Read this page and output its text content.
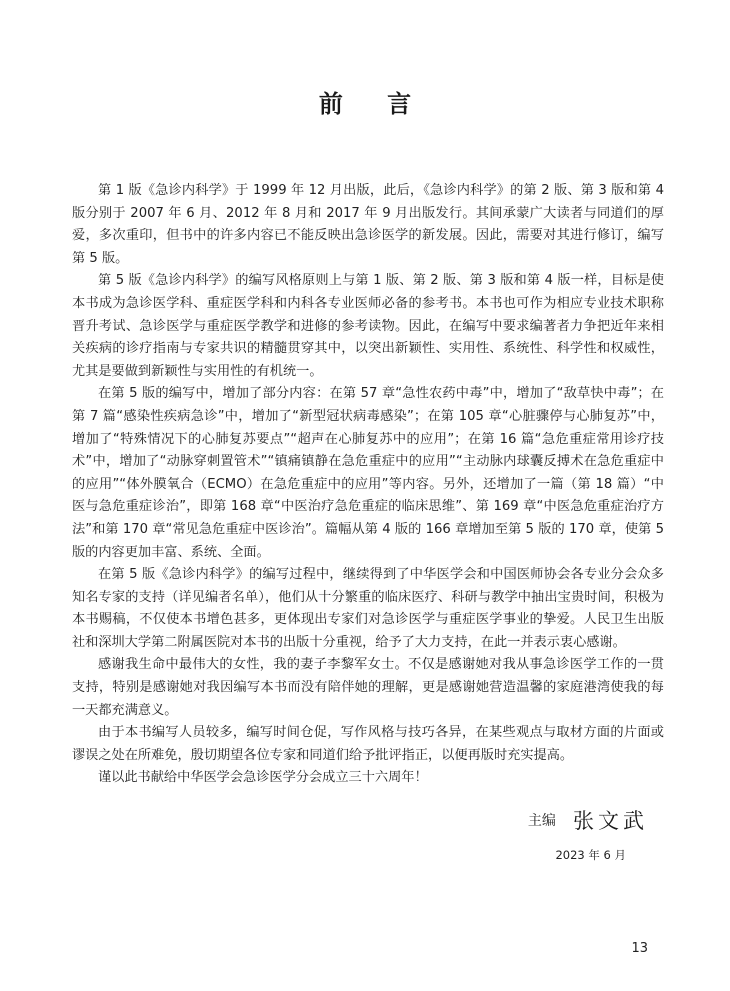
前 言

第 1 版《急诊内科学》于 1999 年 12 月出版，此后，《急诊内科学》的第 2 版、第 3 版和第 4 版分别于 2007 年 6 月、2012 年 8 月和 2017 年 9 月出版发行。其间承蒙广大读者与同道们的厚爱，多次重印，但书中的许多内容已不能反映出急诊医学的新发展。因此，需要对其进行修订，编写第 5 版。

第 5 版《急诊内科学》的编写风格原则上与第 1 版、第 2 版、第 3 版和第 4 版一样，目标是使本书成为急诊医学科、重症医学科和内科各专业医师必备的参考书。本书也可作为相应专业技术职称晋升考试、急诊医学与重症医学教学和进修的参考读物。因此，在编写中要求编著者力争把近年来相关疾病的诊疗指南与专家共识的精髓贯穿其中，以突出新颖性、实用性、系统性、科学性和权威性，尤其是要做到新颖性与实用性的有机统一。

在第 5 版的编写中，增加了部分内容：在第 57 章“急性农药中毒”中，增加了“敌草快中毒”；在第 7 篇“感染性疾病急诊”中，增加了“新型冠状病毒感染”；在第 105 章“心脏骤停与心肺复苏”中，增加了“特殊情况下的心肺复苏要点”“超声在心肺复苏中的应用”；在第 16 篇“急危重症常用诊疗技术”中，增加了“动脉穿刺置管术”“镇痛镇静在急危重症中的应用”“主动脉内球囊反搏术在急危重症中的应用”“体外膜氧合（ECMO）在急危重症中的应用”等内容。另外，还增加了一篇（第 18 篇）“中医与急危重症诊治”，即第 168 章“中医治疗急危重症的临床思维”、第 169 章“中医急危重症治疗方法”和第 170 章“常见急危重症中医诊治”。篇幅从第 4 版的 166 章增加至第 5 版的 170 章，使第 5 版的内容更加丰富、系统、全面。

在第 5 版《急诊内科学》的编写过程中，继续得到了中华医学会和中国医师协会各专业分会众多知名专家的支持（详见编者名单），他们从十分繁重的临床医疗、科研与教学中抽出宝贵时间，积极为本书赐稿，不仅使本书增色甚多，更体现出专家们对急诊医学与重症医学事业的挚爱。人民卫生出版社和深圳大学第二附属医院对本书的出版十分重视，给予了大力支持，在此一并表示衷心感谢。

感谢我生命中最伟大的女性，我的妻子李黎军女士。不仅是感谢她对我从事急诊医学工作的一贯支持，特别是感谢她对我因编写本书而没有陪伴她的理解，更是感谢她营造温馨的家庭港湾使我的每一天都充满意义。

由于本书编写人员较多，编写时间仓促，写作风格与技巧各异，在某些观点与取材方面的片面或谬误之处在所难免，殷切期望各位专家和同道们给予批评指正，以便再版时充实提高。

谨以此书献给中华医学会急诊医学分会成立三十六周年！

主编 张文武
2023 年 6 月
13
